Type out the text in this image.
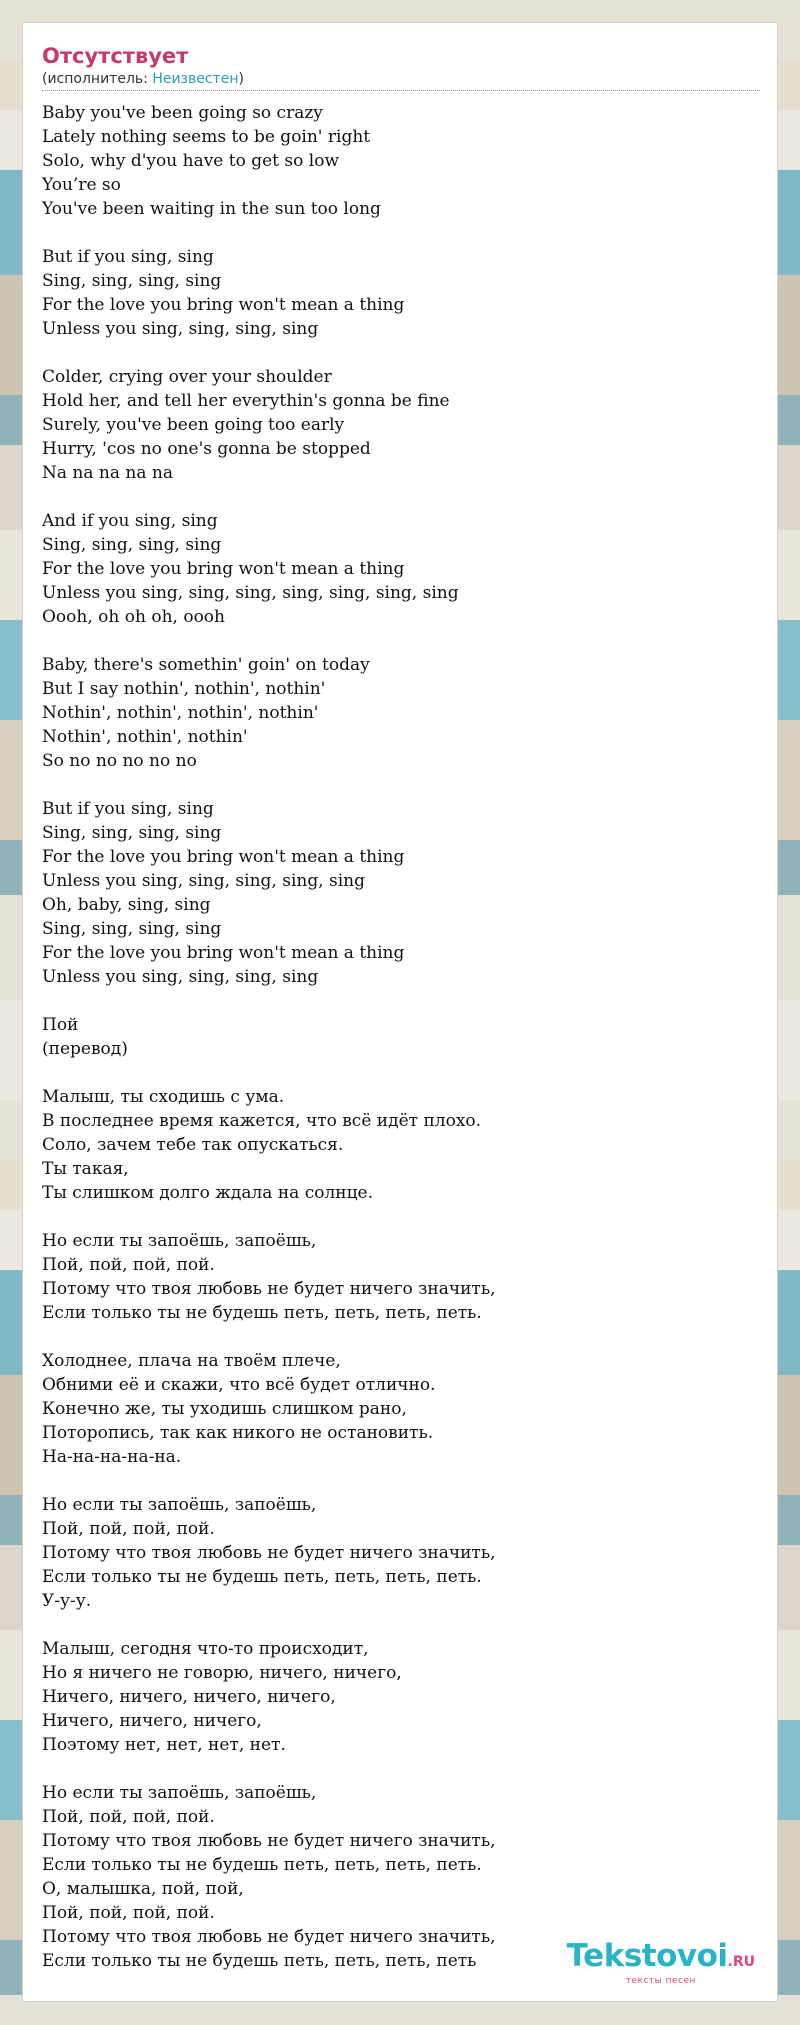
Отсутствует
(исполнитель: Неизвестен)
Baby you've been going so crazy
Lately nothing seems to be goin' right
Solo, why d'you have to get so low
You’re so
You've been waiting in the sun too long
But if you sing, sing
Sing, sing, sing, sing
For the love you bring won't mean a thing
Unless you sing, sing, sing, sing
Colder, crying over your shoulder
Hold her, and tell her everythin's gonna be fine
Surely, you've been going too early
Hurry, 'cos no one's gonna be stopped
Na na na na na
And if you sing, sing
Sing, sing, sing, sing
For the love you bring won't mean a thing
Unless you sing, sing, sing, sing, sing, sing, sing
Oooh, oh oh oh, oooh
Baby, there's somethin' goin' on today
But I say nothin', nothin', nothin'
Nothin', nothin', nothin', nothin'
Nothin', nothin', nothin'
So no no no no no
But if you sing, sing
Sing, sing, sing, sing
For the love you bring won't mean a thing
Unless you sing, sing, sing, sing, sing
Oh, baby, sing, sing
Sing, sing, sing, sing
For the love you bring won't mean a thing
Unless you sing, sing, sing, sing
Пой
(перевод)
Малыш, ты сходишь с ума.
В последнее время кажется, что всё идёт плохо.
Соло, зачем тебе так опускаться.
Ты такая,
Ты слишком долго ждала на солнце.
Но если ты запоёшь, запоёшь,
Пой, пой, пой, пой.
Потому что твоя любовь не будет ничего значить,
Если только ты не будешь петь, петь, петь, петь.
Холоднее, плача на твоём плече,
Обними её и скажи, что всё будет отлично.
Конечно же, ты уходишь слишком рано,
Поторопись, так как никого не остановить.
На-на-на-на-на.
Но если ты запоёшь, запоёшь,
Пой, пой, пой, пой.
Потому что твоя любовь не будет ничего значить,
Если только ты не будешь петь, петь, петь, петь.
У-у-у.
Малыш, сегодня что-то происходит,
Но я ничего не говорю, ничего, ничего,
Ничего, ничего, ничего, ничего,
Ничего, ничего, ничего,
Поэтому нет, нет, нет, нет.
Но если ты запоёшь, запоёшь,
Пой, пой, пой, пой.
Потому что твоя любовь не будет ничего значить,
Если только ты не будешь петь, петь, петь, петь.
О, малышка, пой, пой,
Пой, пой, пой, пой.
Потому что твоя любовь не будет ничего значить,
Если только ты не будешь петь, петь, петь, петь	Tekstovoi.RU
тексты песен
